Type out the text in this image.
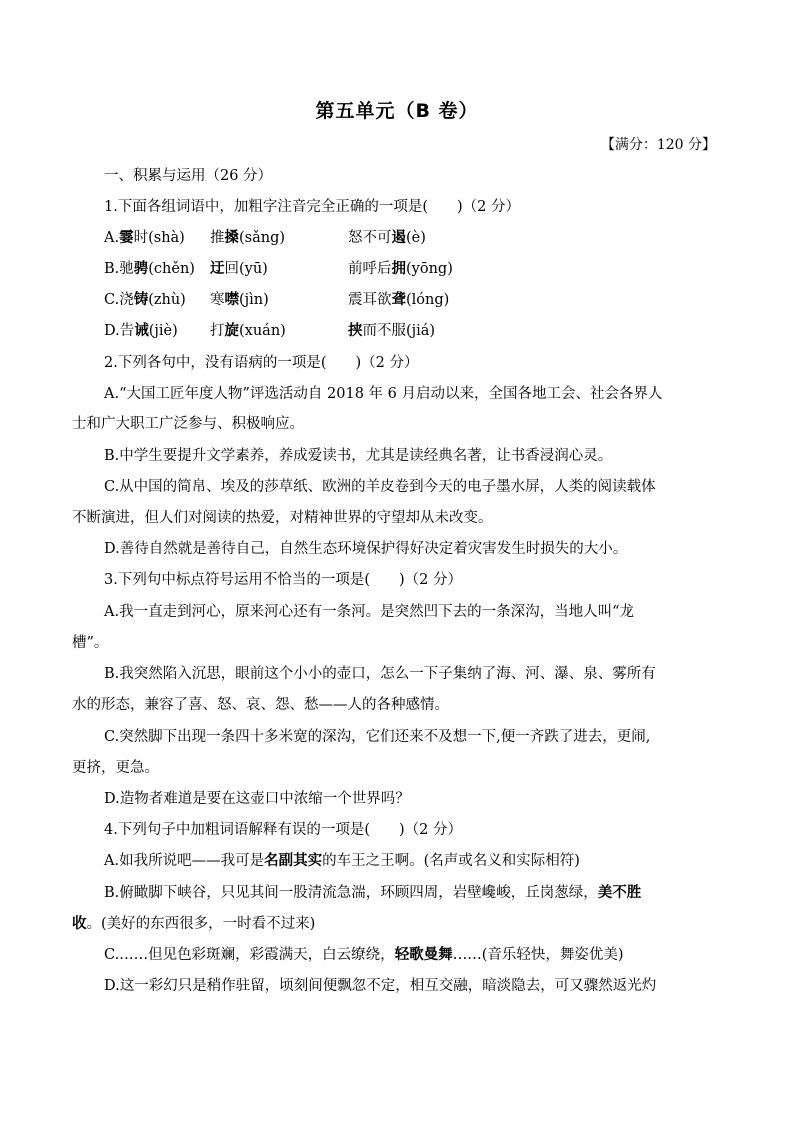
第五单元（B 卷）
【满分：120 分】
一、积累与运用（26 分）
1.下面各组词语中，加粗字注音完全正确的一项是(　　)（2 分）
A.霎时(shà) 推搡(sǎng)	怒不可遏(è)
B.驰骋(chěn) 迂回(yū)	前呼后拥(yōng)
C.浇铸(zhù) 寒噤(jìn)	震耳欲聋(lóng)
D.告诫(jiè) 打旋(xuán)	挟而不服(jiá)
2.下列各句中，没有语病的一项是(　　)（2 分）
A.“大国工匠年度人物”评选活动自 2018 年 6 月启动以来，全国各地工会、社会各界人
士和广大职工广泛参与、积极响应。
B.中学生要提升文学素养，养成爱读书，尤其是读经典名著，让书香浸润心灵。
C.从中国的简帛、埃及的莎草纸、欧洲的羊皮卷到今天的电子墨水屏，人类的阅读载体
不断演进，但人们对阅读的热爱，对精神世界的守望却从未改变。
D.善待自然就是善待自己，自然生态环境保护得好决定着灾害发生时损失的大小。
3.下列句中标点符号运用不恰当的一项是(　　)（2 分）
A.我一直走到河心，原来河心还有一条河。是突然凹下去的一条深沟，当地人叫“龙
槽”。
B.我突然陷入沉思，眼前这个小小的壶口，怎么一下子集纳了海、河、瀑、泉、雾所有
水的形态，兼容了喜、怒、哀、怨、愁——人的各种感情。
C.突然脚下出现一条四十多米宽的深沟，它们还来不及想一下,便一齐跌了进去，更闹,
更挤，更急。
D.造物者难道是要在这壶口中浓缩一个世界吗？
4.下列句子中加粗词语解释有误的一项是(　　)（2 分）
A.如我所说吧——我可是名副其实的车王之王啊。(名声或名义和实际相符)
B.俯瞰脚下峡谷，只见其间一股清流急湍，环顾四周，岩壁巉峻，丘岗葱绿，美不胜
收。(美好的东西很多，一时看不过来)
C.……但见色彩斑斓，彩霞满天，白云缭绕，轻歌曼舞……(音乐轻快，舞姿优美)
D.这一彩幻只是稍作驻留，顷刻间便飘忽不定，相互交融，暗淡隐去，可又骤然返光灼
